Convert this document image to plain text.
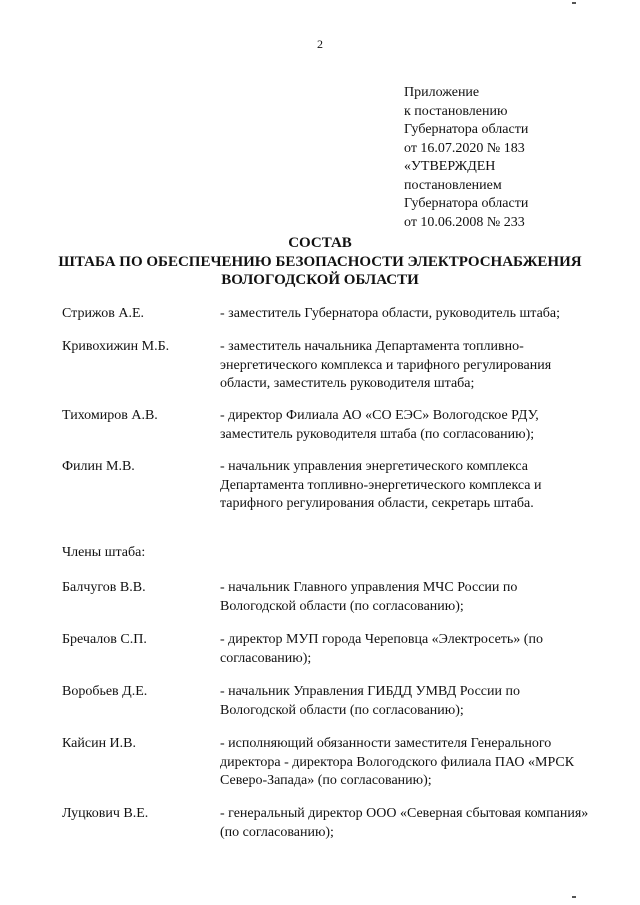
2
Приложение
к постановлению
Губернатора области
от 16.07.2020 № 183
«УТВЕРЖДЕН
постановлением
Губернатора области
от 10.06.2008 № 233
СОСТАВ
ШТАБА ПО ОБЕСПЕЧЕНИЮ БЕЗОПАСНОСТИ ЭЛЕКТРОСНАБЖЕНИЯ
ВОЛОГОДСКОЙ ОБЛАСТИ
Стрижов А.Е.	- заместитель Губернатора области, руководитель штаба;
Кривохижин М.Б.	- заместитель начальника Департамента топливно-энергетического комплекса и тарифного регулирования области, заместитель руководителя штаба;
Тихомиров А.В.	- директор Филиала АО «СО ЕЭС» Вологодское РДУ, заместитель руководителя штаба (по согласованию);
Филин М.В.	- начальник управления энергетического комплекса Департамента топливно-энергетического комплекса и тарифного регулирования области, секретарь штаба.
Члены штаба:
Балчугов В.В.	- начальник Главного управления МЧС России по Вологодской области (по согласованию);
Бречалов С.П.	- директор МУП города Череповца «Электросеть» (по согласованию);
Воробьев Д.Е.	- начальник Управления ГИБДД УМВД России по Вологодской области (по согласованию);
Кайсин И.В.	- исполняющий обязанности заместителя Генерального директора - директора Вологодского филиала ПАО «МРСК Северо-Запада» (по согласованию);
Луцкович В.Е.	- генеральный директор ООО «Северная сбытовая компания» (по согласованию);
